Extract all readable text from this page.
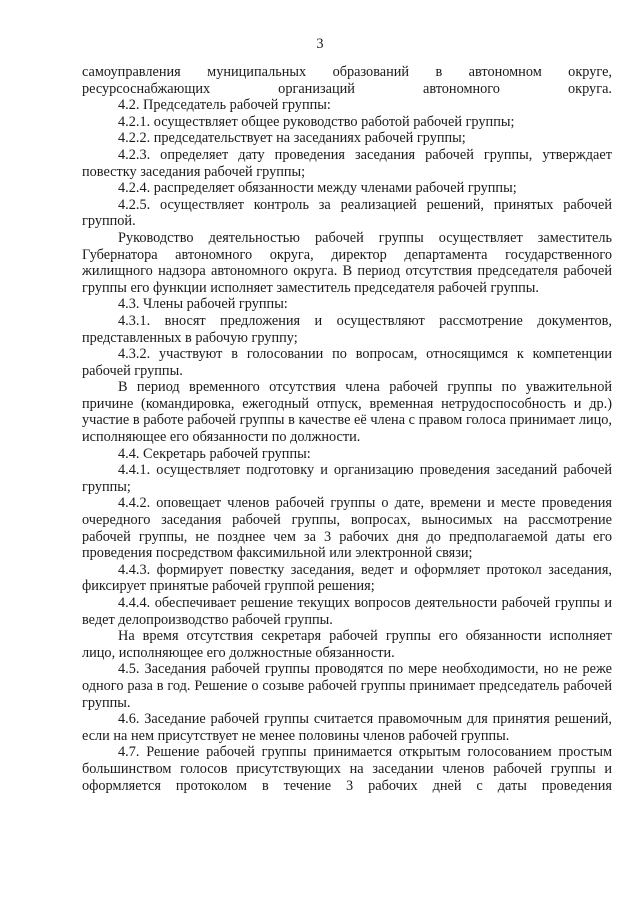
3

самоуправления муниципальных образований в автономном округе, ресурсоснабжающих организаций автономного округа.

4.2. Председатель рабочей группы:

4.2.1. осуществляет общее руководство работой рабочей группы;

4.2.2. председательствует на заседаниях рабочей группы;

4.2.3. определяет дату проведения заседания рабочей группы, утверждает повестку заседания рабочей группы;

4.2.4. распределяет обязанности между членами рабочей группы;

4.2.5. осуществляет контроль за реализацией решений, принятых рабочей группой.

Руководство деятельностью рабочей группы осуществляет заместитель Губернатора автономного округа, директор департамента государственного жилищного надзора автономного округа. В период отсутствия председателя рабочей группы его функции исполняет заместитель председателя рабочей группы.

4.3. Члены рабочей группы:

4.3.1. вносят предложения и осуществляют рассмотрение документов, представленных в рабочую группу;

4.3.2. участвуют в голосовании по вопросам, относящимся к компетенции рабочей группы.

В период временного отсутствия члена рабочей группы по уважительной причине (командировка, ежегодный отпуск, временная нетрудоспособность и др.) участие в работе рабочей группы в качестве её члена с правом голоса принимает лицо, исполняющее его обязанности по должности.

4.4. Секретарь рабочей группы:

4.4.1. осуществляет подготовку и организацию проведения заседаний рабочей группы;

4.4.2. оповещает членов рабочей группы о дате, времени и месте проведения очередного заседания рабочей группы, вопросах, выносимых на рассмотрение рабочей группы, не позднее чем за 3 рабочих дня до предполагаемой даты его проведения посредством факсимильной или электронной связи;

4.4.3. формирует повестку заседания, ведет и оформляет протокол заседания, фиксирует принятые рабочей группой решения;

4.4.4. обеспечивает решение текущих вопросов деятельности рабочей группы и ведет делопроизводство рабочей группы.

На время отсутствия секретаря рабочей группы его обязанности исполняет лицо, исполняющее его должностные обязанности.

4.5. Заседания рабочей группы проводятся по мере необходимости, но не реже одного раза в год. Решение о созыве рабочей группы принимает председатель рабочей группы.

4.6. Заседание рабочей группы считается правомочным для принятия решений, если на нем присутствует не менее половины членов рабочей группы.

4.7. Решение рабочей группы принимается открытым голосованием простым большинством голосов присутствующих на заседании членов рабочей группы и оформляется протоколом в течение 3 рабочих дней с даты проведения
